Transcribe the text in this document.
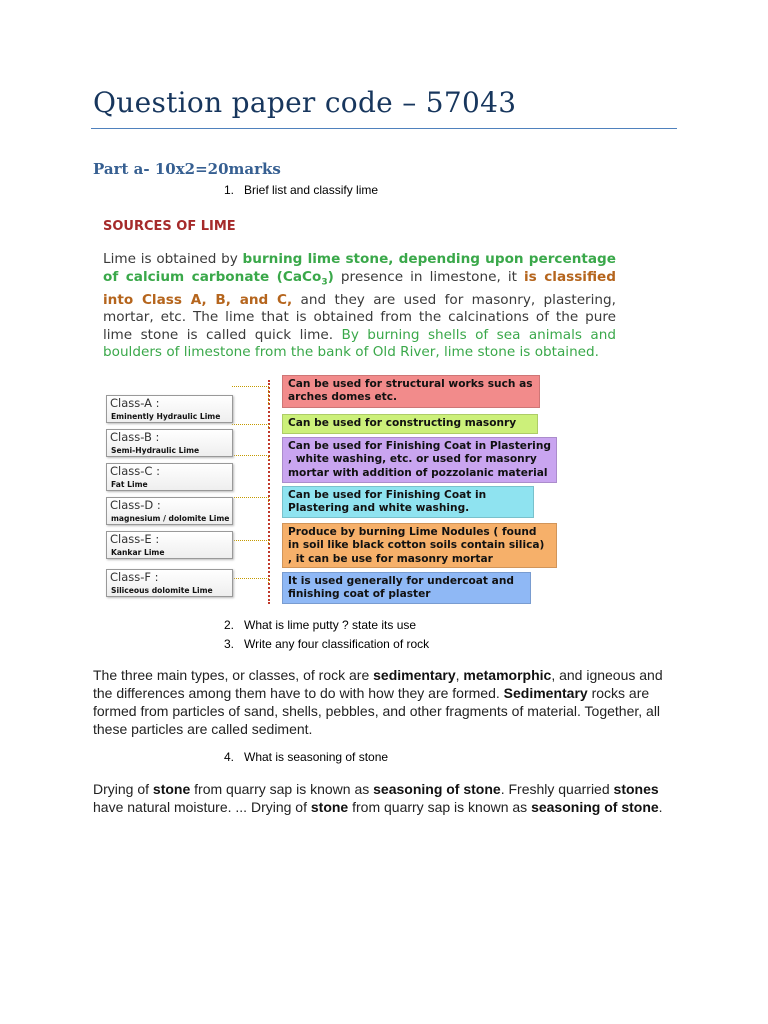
Question paper code – 57043
Part a- 10x2=20marks
1. Brief list and classify lime
SOURCES OF LIME
Lime is obtained by burning lime stone, depending upon percentage of calcium carbonate (CaCo$_3$) presence in limestone, it is classified into Class A, B, and C, and they are used for masonry, plastering, mortar, etc. The lime that is obtained from the calcinations of the pure lime stone is called quick lime. By burning shells of sea animals and boulders of limestone from the bank of Old River, lime stone is obtained.
Class-A :
Eminently Hydraulic Lime
Class-B :
Semi-Hydraulic Lime
Class-C :
Fat Lime
Class-D :
magnesium / dolomite Lime
Class-E :
Kankar Lime
Class-F :
Siliceous dolomite Lime
Can be used for structural works such as arches domes etc.
Can be used for constructing masonry
Can be used for Finishing Coat in Plastering , white washing, etc. or used for masonry mortar with addition of pozzolanic material
Can be used for Finishing Coat in Plastering and white washing.
Produce by burning Lime Nodules ( found in soil like black cotton soils contain silica) , it can be use for masonry mortar
It is used generally for undercoat and finishing coat of plaster
2. What is lime putty ? state its use
3. Write any four classification of rock
The three main types, or classes, of rock are sedimentary, metamorphic, and igneous and the differences among them have to do with how they are formed. Sedimentary rocks are formed from particles of sand, shells, pebbles, and other fragments of material. Together, all these particles are called sediment.
4. What is seasoning of stone
Drying of stone from quarry sap is known as seasoning of stone. Freshly quarried stones have natural moisture. ... Drying of stone from quarry sap is known as seasoning of stone.
